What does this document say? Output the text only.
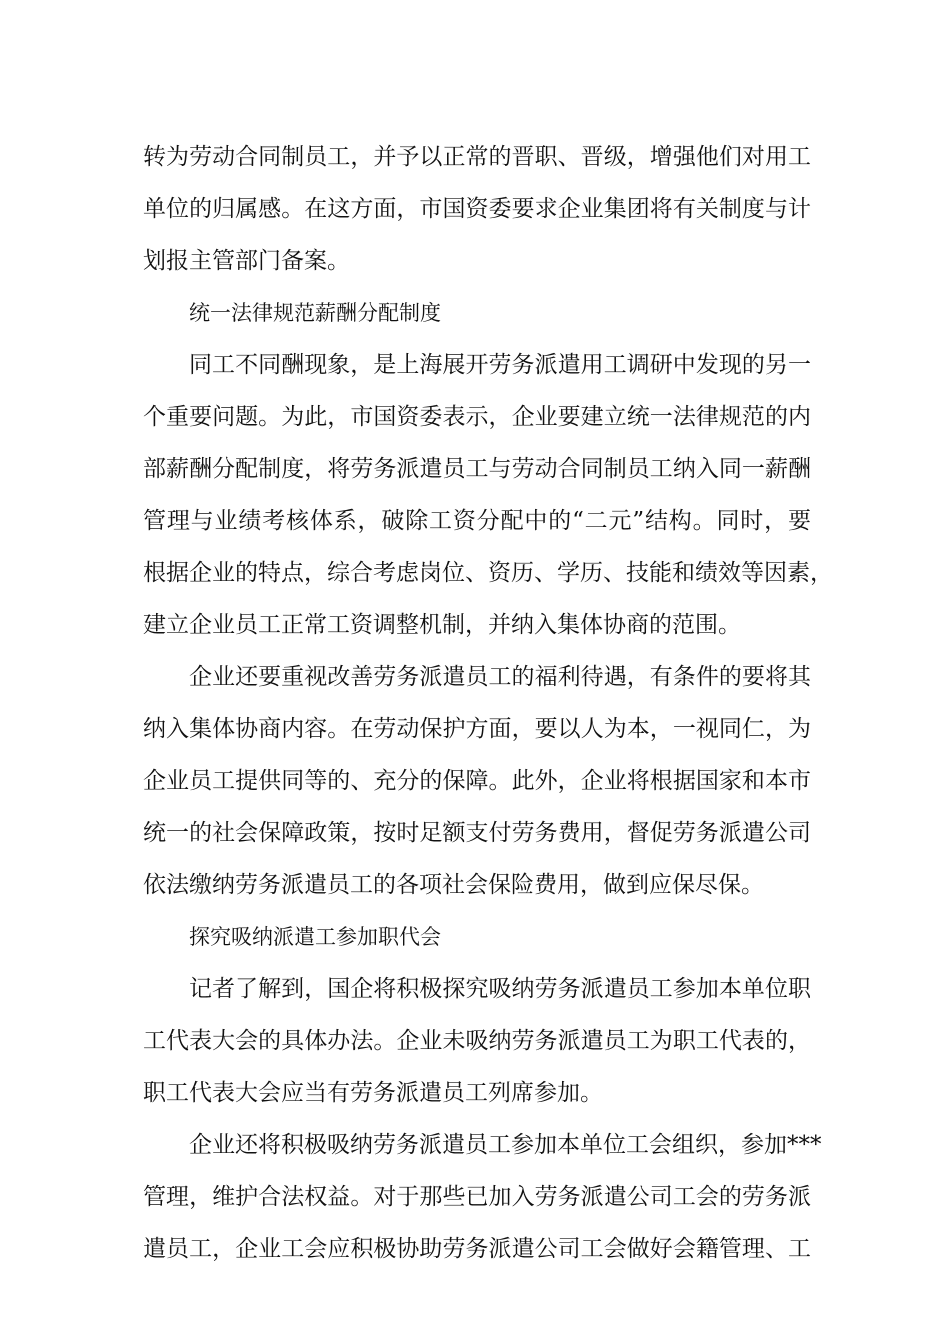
转为劳动合同制员工，并予以正常的晋职、晋级，增强他们对用工
单位的归属感。在这方面，市国资委要求企业集团将有关制度与计
划报主管部门备案。
统一法律规范薪酬分配制度
同工不同酬现象，是上海展开劳务派遣用工调研中发现的另一
个重要问题。为此，市国资委表示，企业要建立统一法律规范的内
部薪酬分配制度，将劳务派遣员工与劳动合同制员工纳入同一薪酬
管理与业绩考核体系，破除工资分配中的“二元”结构。同时，要
根据企业的特点，综合考虑岗位、资历、学历、技能和绩效等因素，
建立企业员工正常工资调整机制，并纳入集体协商的范围。
企业还要重视改善劳务派遣员工的福利待遇，有条件的要将其
纳入集体协商内容。在劳动保护方面，要以人为本，一视同仁，为
企业员工提供同等的、充分的保障。此外，企业将根据国家和本市
统一的社会保障政策，按时足额支付劳务费用，督促劳务派遣公司
依法缴纳劳务派遣员工的各项社会保险费用，做到应保尽保。
探究吸纳派遣工参加职代会
记者了解到，国企将积极探究吸纳劳务派遣员工参加本单位职
工代表大会的具体办法。企业未吸纳劳务派遣员工为职工代表的，
职工代表大会应当有劳务派遣员工列席参加。
企业还将积极吸纳劳务派遣员工参加本单位工会组织，参加***
管理，维护合法权益。对于那些已加入劳务派遣公司工会的劳务派
遣员工，企业工会应积极协助劳务派遣公司工会做好会籍管理、工
